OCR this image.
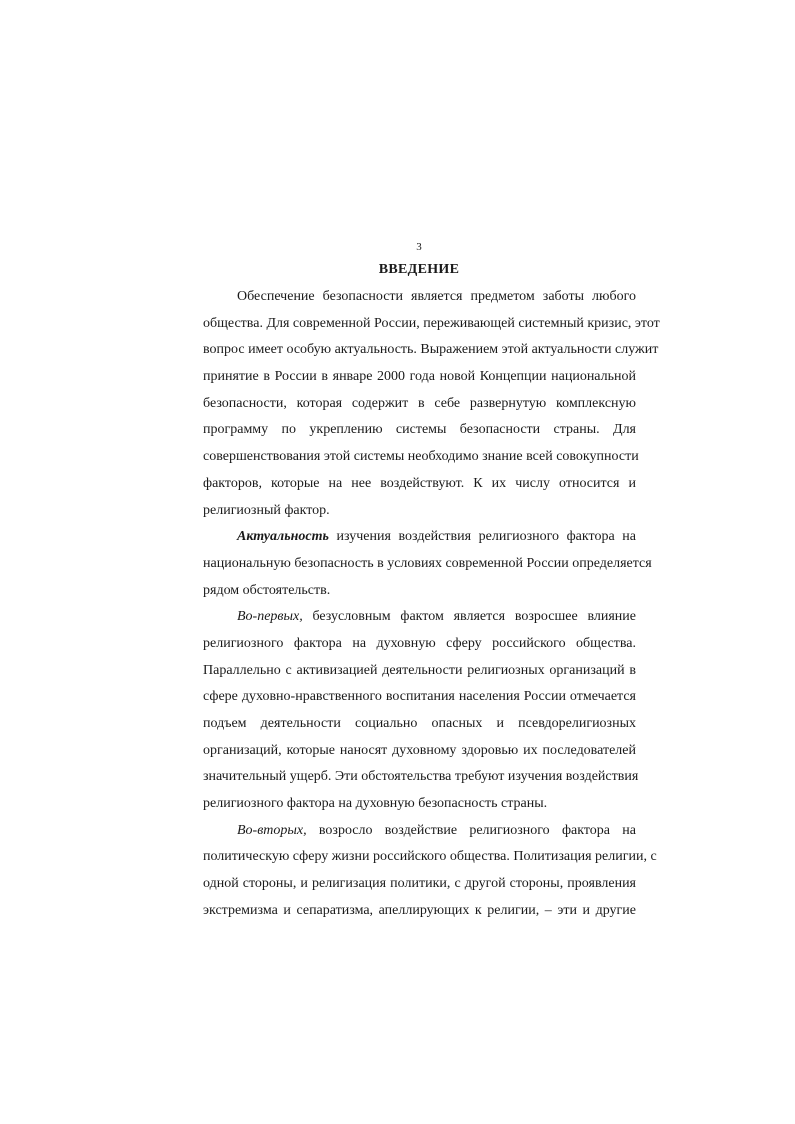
3
ВВЕДЕНИЕ
Обеспечение безопасности является предметом заботы любого
общества. Для современной России, переживающей системный кризис, этот
вопрос имеет особую актуальность. Выражением этой актуальности служит
принятие в России в январе 2000 года новой Концепции национальной
безопасности, которая содержит в себе развернутую комплексную
программу по укреплению системы безопасности страны. Для
совершенствования этой системы необходимо знание всей совокупности
факторов, которые на нее воздействуют. К их числу относится и
религиозный фактор.
Актуальность изучения воздействия религиозного фактора на
национальную безопасность в условиях современной России определяется
рядом обстоятельств.
Во-первых, безусловным фактом является возросшее влияние
религиозного фактора на духовную сферу российского общества.
Параллельно с активизацией деятельности религиозных организаций в
сфере духовно-нравственного воспитания населения России отмечается
подъем деятельности социально опасных и псевдорелигиозных
организаций, которые наносят духовному здоровью их последователей
значительный ущерб. Эти обстоятельства требуют изучения воздействия
религиозного фактора на духовную безопасность страны.
Во-вторых, возросло воздействие религиозного фактора на
политическую сферу жизни российского общества. Политизация религии, с
одной стороны, и религизация политики, с другой стороны, проявления
экстремизма и сепаратизма, апеллирующих к религии, – эти и другие
